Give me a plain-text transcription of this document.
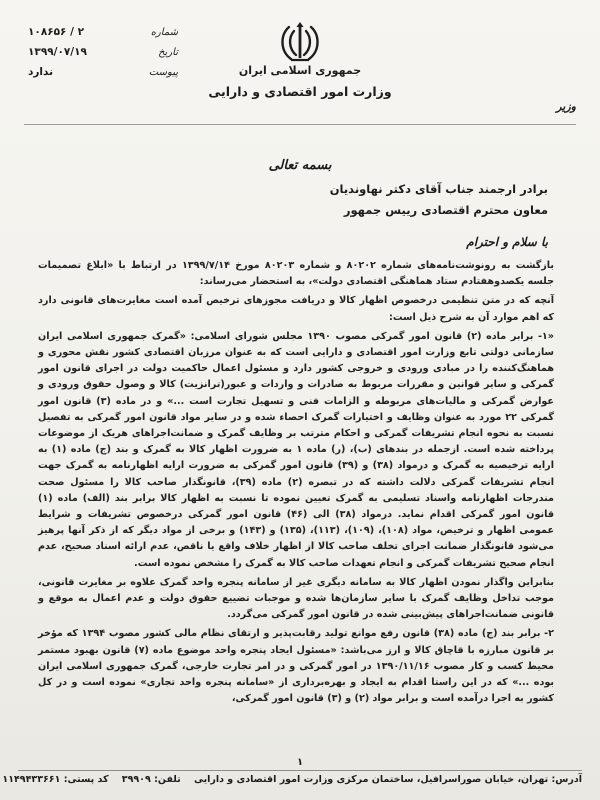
شماره
۲ / ۱۰۸۶۵۶
تاریخ
۱۳۹۹/۰۷/۱۹
پیوست
ندارد	جمهوری اسلامی ایران
وزارت امور اقتصادی و دارایی
وزیر
بسمه تعالی
برادر ارجمند جناب آقای دکتر نهاوندیان
معاون محترم اقتصادی رییس جمهور
با سلام و احترام

بازگشت به رونوشت‌نامه‌های شماره ۸۰۲۰۲ و شماره ۸۰۲۰۳ مورخ ۱۳۹۹/۷/۱۴ در ارتباط با «ابلاغ تصمیمات جلسه یکصدوهفتادم ستاد هماهنگی اقتصادی دولت»، به استحضار می‌رساند:

آنچه که در متن تنظیمی درخصوص اظهار کالا و دریافت مجوزهای ترخیص آمده است مغایرت‌های قانونی دارد که اهم موارد آن به شرح ذیل است:

«۱- برابر ماده (۲) قانون امور گمرکی مصوب ۱۳۹۰ مجلس شورای اسلامی: «گمرک جمهوری اسلامی ایران سازمانی دولتی تابع وزارت امور اقتصادی و دارایی است که به عنوان مرزبان اقتصادی کشور نقش محوری و هماهنگ‌کننده را در مبادی ورودی و خروجی کشور دارد و مسئول اعمال حاکمیت دولت در اجرای قانون امور گمرکی و سایر قوانین و مقررات مربوط به صادرات و واردات و عبور(ترانزیت) کالا و وصول حقوق ورودی و عوارض گمرکی و مالیات‌های مربوطه و الزامات فنی و تسهیل تجارت است ...» و در ماده (۳) قانون امور گمرکی ۲۲ مورد به عنوان وظایف و اختیارات گمرک احصاء شده و در سایر مواد قانون امور گمرکی به تفصیل نسبت به نحوه انجام تشریفات گمرکی و احکام مترتب بر وظایف گمرک و ضمانت‌اجراهای هریک از موضوعات پرداخته شده است. ازجمله در بندهای (ب)، (ر) ماده ۱ به ضرورت اظهار کالا به گمرک و بند (ج) ماده (۱) به ارایه ترخیصیه به گمرک و درمواد (۳۸) و (۳۹) قانون امور گمرکی به ضرورت ارایه اظهارنامه به گمرک جهت انجام تشریفات گمرکی دلالت داشته که در تبصره (۲) ماده (۳۹)، قانونگذار صاحب کالا را مسئول صحت مندرجات اظهارنامه واسناد تسلیمی به گمرک تعیین نموده تا نسبت به اظهار کالا برابر بند (الف) ماده (۱) قانون امور گمرکی اقدام نماید. درمواد (۳۸) الی (۴۶) قانون امور گمرکی درخصوص تشریفات و شرایط عمومی اظهار و ترخیص، مواد (۱۰۸)، (۱۰۹)، (۱۱۳)، (۱۳۵) و (۱۴۳) و برخی از مواد دیگر که از ذکر آنها پرهیز می‌شود قانونگذار ضمانت اجرای تخلف صاحب کالا از اظهار خلاف واقع یا ناقص، عدم ارائه اسناد صحیح، عدم انجام صحیح تشریفات گمرکی و انجام تعهدات صاحب کالا به گمرک را مشخص نموده است.

بنابراین واگذار نمودن اظهار کالا به سامانه دیگری غیر از سامانه پنجره واحد گمرک علاوه بر مغایرت قانونی، موجب تداخل وظایف گمرک با سایر سازمان‌ها شده و موجبات تضییع حقوق دولت و عدم اعمال به موقع و قانونی ضمانت‌اجراهای پیش‌بینی شده در قانون امور گمرکی می‌گردد.

۲- برابر بند (ج) ماده (۳۸) قانون رفع موانع تولید رقابت‌پذیر و ارتقای نظام مالی کشور مصوب ۱۳۹۴ که مؤخر بر قانون مبارزه با قاچاق کالا و ارز می‌باشد: «مسئول ایجاد پنجره واحد موضوع ماده (۷) قانون بهبود مستمر محیط کسب و کار مصوب ۱۳۹۰/۱۱/۱۶ در امور گمرکی و در امر تجارت خارجی، گمرک جمهوری اسلامی ایران بوده ...» که در این راستا اقدام به ایجاد و بهره‌برداری از «سامانه پنجره واحد تجاری» نموده است و در کل کشور به اجرا درآمده است و برابر مواد (۲) و (۳) قانون امور گمرکی،

۱
آدرس: تهران، خیابان صوراسرافیل، ساختمان مرکزی وزارت امور اقتصادی و دارایی    تلفن: ۳۹۹۰۹    کد پستی: ۱۱۴۹۴۳۳۶۶۱
